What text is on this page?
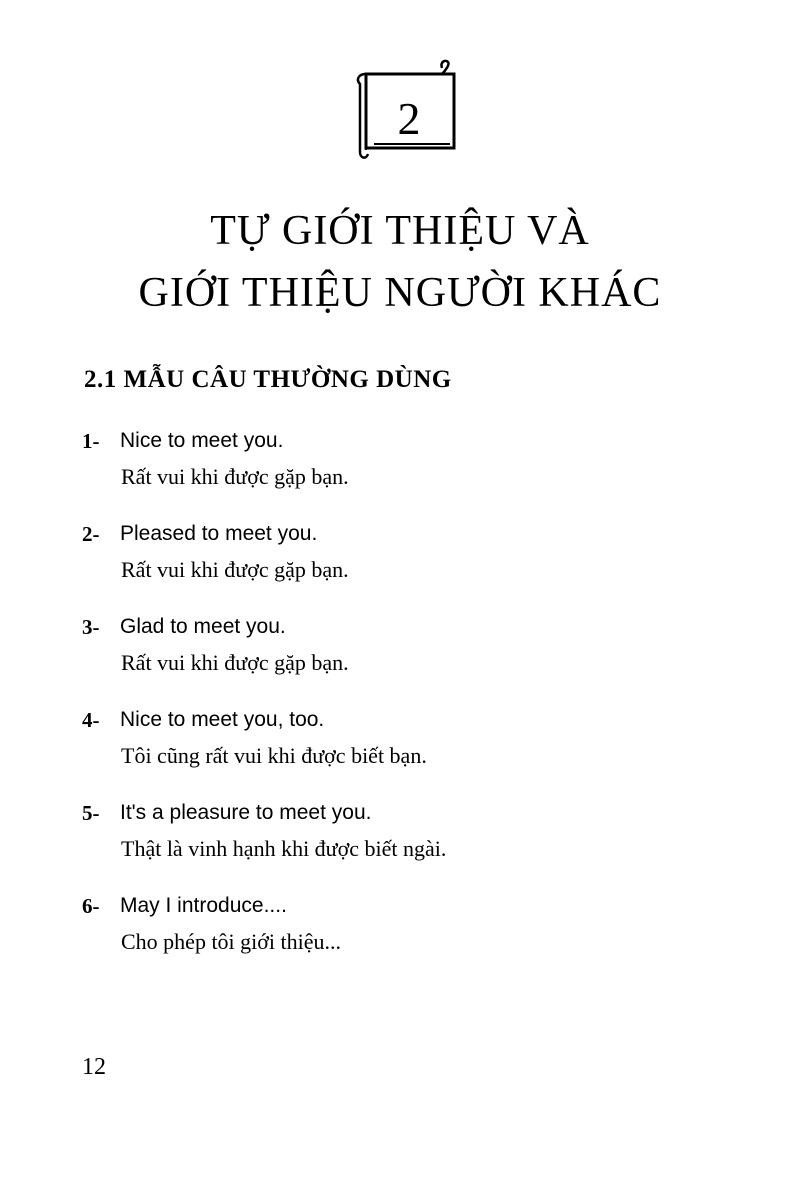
2
TỰ GIỚI THIỆU VÀ
GIỚI THIỆU NGƯỜI KHÁC
2.1 MẪU CÂU THƯỜNG DÙNG
1- Nice to meet you.
Rất vui khi được gặp bạn.
2- Pleased to meet you.
Rất vui khi được gặp bạn.
3- Glad to meet you.
Rất vui khi được gặp bạn.
4- Nice to meet you, too.
Tôi cũng rất vui khi được biết bạn.
5- It's a pleasure to meet you.
Thật là vinh hạnh khi được biết ngài.
6- May I introduce....
Cho phép tôi giới thiệu...
12
